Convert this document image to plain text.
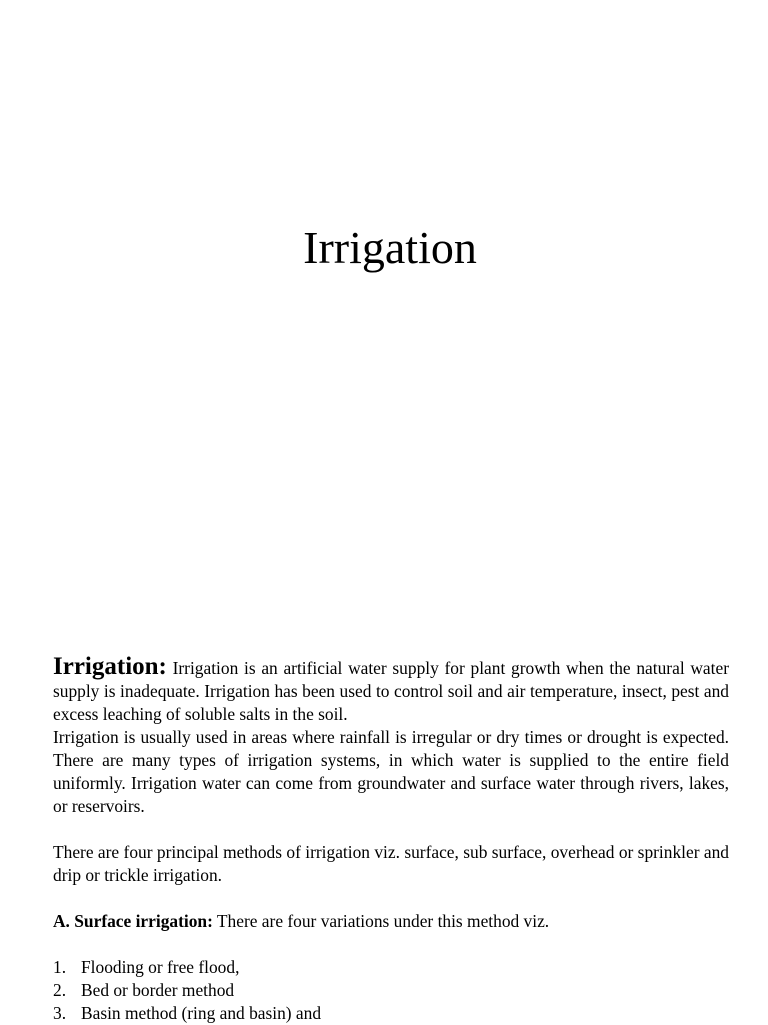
Irrigation

Irrigation: Irrigation is an artificial water supply for plant growth when the natural water supply is inadequate. Irrigation has been used to control soil and air temperature, insect, pest and excess leaching of soluble salts in the soil.

Irrigation is usually used in areas where rainfall is irregular or dry times or drought is expected. There are many types of irrigation systems, in which water is supplied to the entire field uniformly. Irrigation water can come from groundwater and surface water through rivers, lakes, or reservoirs.

There are four principal methods of irrigation viz. surface, sub surface, overhead or sprinkler and drip or trickle irrigation.

A. Surface irrigation: There are four variations under this method viz.

1. Flooding or free flood,
2. Bed or border method
3. Basin method (ring and basin) and
